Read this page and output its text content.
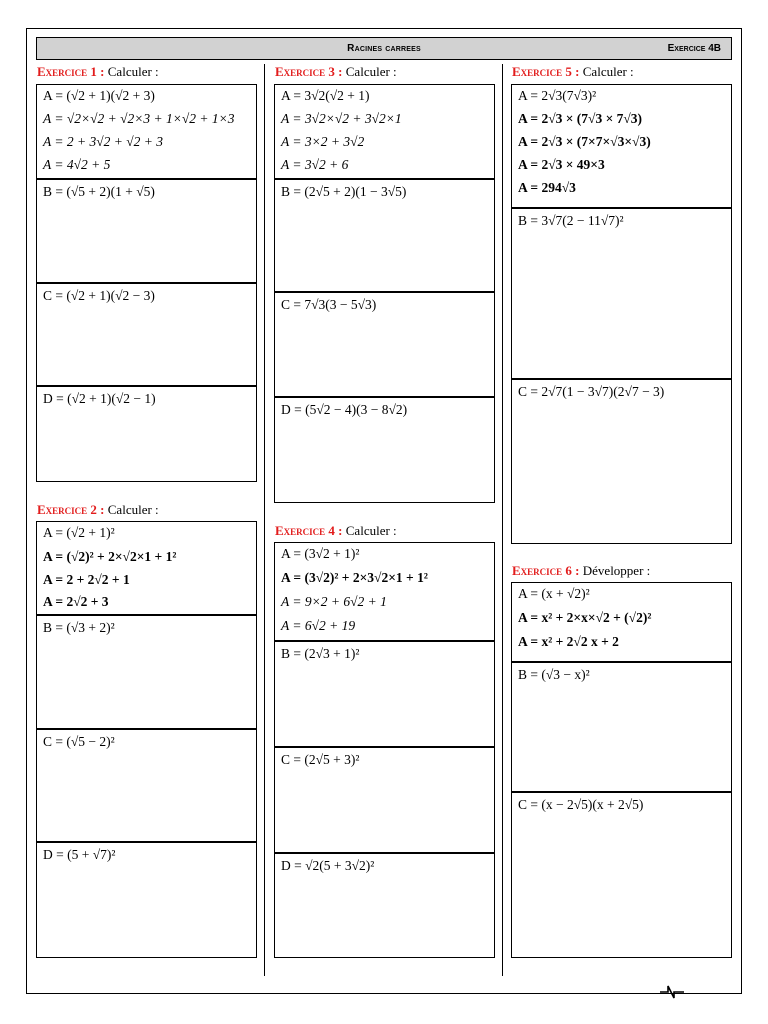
Racines carrees	Exercice 4B
Exercice 1 : Calculer :
A = (√2 + 1)(√2 + 3)
A = √2×√2 + √2×3 + 1×√2 + 1×3
A = 2 + 3√2 + √2 + 3
A = 4√2 + 5
B = (√5 + 2)(1 + √5)
C = (√2 + 1)(√2 − 3)
D = (√2 + 1)(√2 − 1)
Exercice 2 : Calculer :
A = (√2 + 1)²
A = (√2)² + 2×√2×1 + 1²
A = 2 + 2√2 + 1
A = 2√2 + 3
B = (√3 + 2)²
C = (√5 − 2)²
D = (5 + √7)²
Exercice 3 : Calculer :
A = 3√2(√2 + 1)
A = 3√2×√2 + 3√2×1
A = 3×2 + 3√2
A = 3√2 + 6
B = (2√5 + 2)(1 − 3√5)
C = 7√3(3 − 5√3)
D = (5√2 − 4)(3 − 8√2)
Exercice 4 : Calculer :
A = (3√2 + 1)²
A = (3√2)² + 2×3√2×1 + 1²
A = 9×2 + 6√2 + 1
A = 6√2 + 19
B = (2√3 + 1)²
C = (2√5 + 3)²
D = √2(5 + 3√2)²
Exercice 5 : Calculer :
A = 2√3(7√3)²
A = 2√3 × (7√3 × 7√3)
A = 2√3 × (7×7×√3×√3)
A = 2√3 × 49×3
A = 294√3
B = 3√7(2 − 11√7)²
C = 2√7(1 − 3√7)(2√7 − 3)
Exercice 6 : Développer :
A = (x + √2)²
A = x² + 2×x×√2 + (√2)²
A = x² + 2√2 x + 2
B = (√3 − x)²
C = (x − 2√5)(x + 2√5)
